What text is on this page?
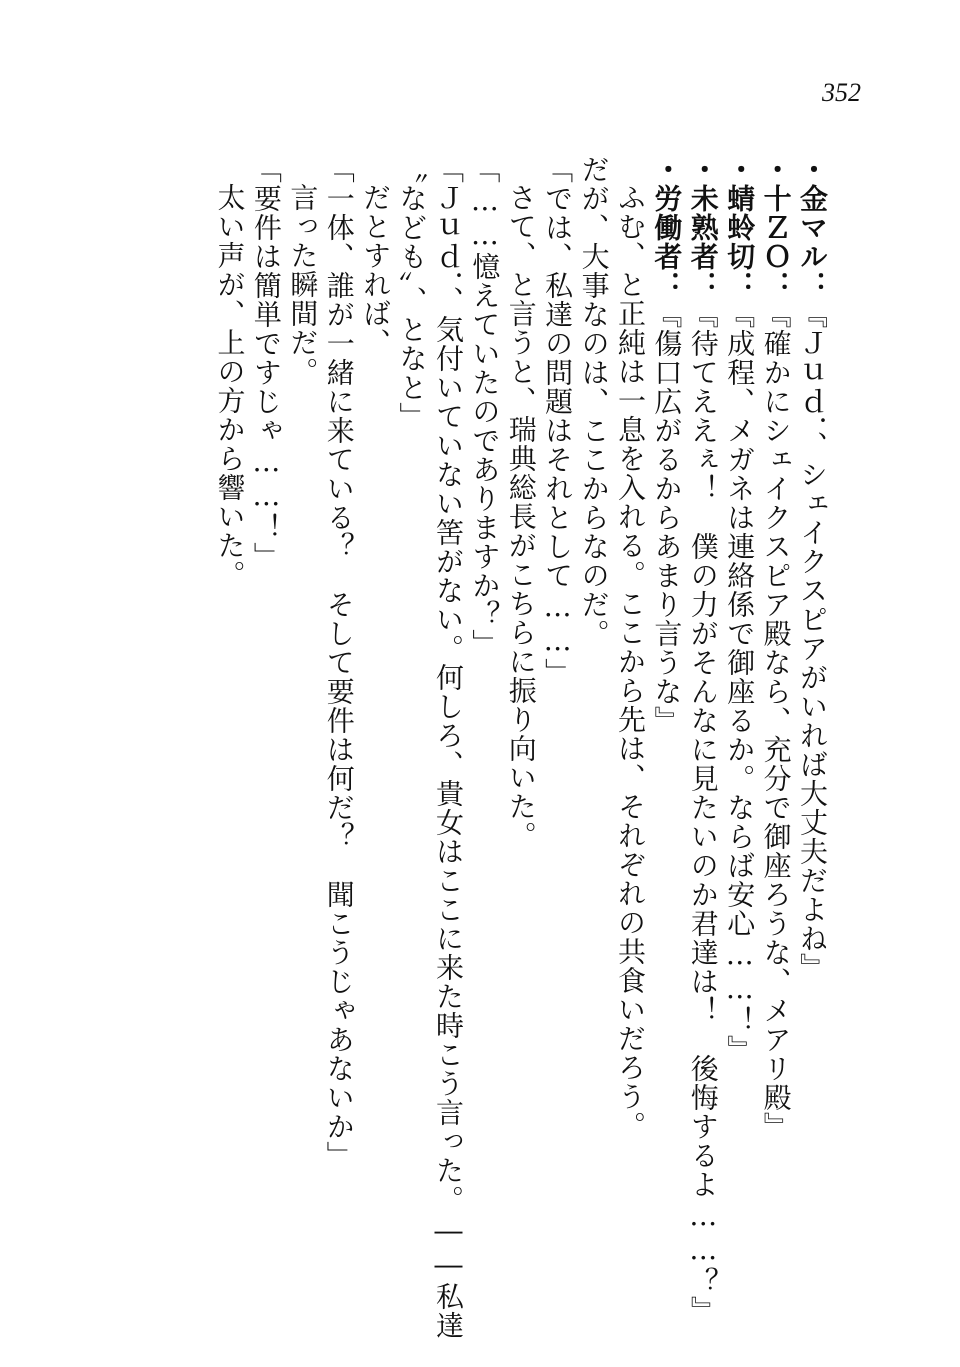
352
・金マル：『Ｊｕｄ．、シェイクスピアがいれば大丈夫だよね』
・十ＺＯ：『確かにシェイクスピア殿なら、充分で御座ろうな、メアリ殿』
・蜻蛉切：『成程、メガネは連絡係で御座るか。ならば安心……！』
・未熟者：『待てええぇ！　僕の力がそんなに見たいのか君達は！　後悔するよ……？』
・労働者：『傷口広がるからあまり言うな』
ふむ、と正純は一息を入れる。ここから先は、それぞれの共食いだろう。
だが、大事なのは、ここからなのだ。
「では、私達の問題はそれとして……」
さて、と言うと、瑞典総長がこちらに振り向いた。
「……憶えていたのでありますか？」
「Ｊｕｄ．、気付いていない筈がない。何しろ、貴女はここに来た時こう言った。――私達
〝なども〟、となと」
だとすれば、
「一体、誰が一緒に来ている？　そして要件は何だ？　聞こうじゃあないか」
言った瞬間だ。
「要件は簡単ですじゃ……！」
太い声が、上の方から響いた。
